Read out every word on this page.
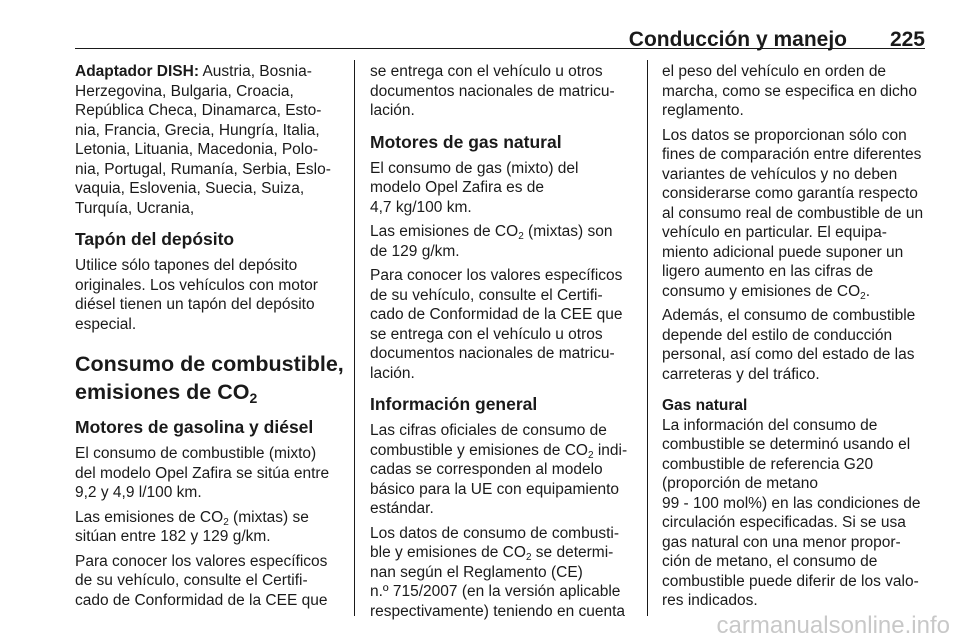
Conducción y manejo 225

Adaptador DISH: Austria, Bosnia-
Herzegovina, Bulgaria, Croacia,
República Checa, Dinamarca, Esto-
nia, Francia, Grecia, Hungría, Italia,
Letonia, Lituania, Macedonia, Polo-
nia, Portugal, Rumanía, Serbia, Eslo-
vaquia, Eslovenia, Suecia, Suiza,
Turquía, Ucrania,

Tapón del depósito

Utilice sólo tapones del depósito
originales. Los vehículos con motor
diésel tienen un tapón del depósito
especial.

Consumo de combustible,
emisiones de $CO_2$
Motores de gasolina y diésel

El consumo de combustible (mixto)
del modelo Opel Zafira se sitúa entre
9,2 y 4,9 l/100 km.

Las emisiones de $CO_2$ (mixtas) se
sitúan entre 182 y 129 g/km.

Para conocer los valores específicos
de su vehículo, consulte el Certifi-
cado de Conformidad de la CEE que

se entrega con el vehículo u otros
documentos nacionales de matricu-
lación.

Motores de gas natural

El consumo de gas (mixto) del
modelo Opel Zafira es de
4,7 kg/100 km.

Las emisiones de $CO_2$ (mixtas) son
de 129 g/km.

Para conocer los valores específicos
de su vehículo, consulte el Certifi-
cado de Conformidad de la CEE que
se entrega con el vehículo u otros
documentos nacionales de matricu-
lación.

Información general

Las cifras oficiales de consumo de
combustible y emisiones de $CO_2$ indi-
cadas se corresponden al modelo
básico para la UE con equipamiento
estándar.

Los datos de consumo de combusti-
ble y emisiones de $CO_2$ se determi-
nan según el Reglamento (CE)
n.º 715/2007 (en la versión aplicable
respectivamente) teniendo en cuenta

el peso del vehículo en orden de
marcha, como se especifica en dicho
reglamento.

Los datos se proporcionan sólo con
fines de comparación entre diferentes
variantes de vehículos y no deben
considerarse como garantía respecto
al consumo real de combustible de un
vehículo en particular. El equipa-
miento adicional puede suponer un
ligero aumento en las cifras de
consumo y emisiones de $CO_2$.

Además, el consumo de combustible
depende del estilo de conducción
personal, así como del estado de las
carreteras y del tráfico.

Gas natural

La información del consumo de
combustible se determinó usando el
combustible de referencia G20
(proporción de metano
99 - 100 mol%) en las condiciones de
circulación especificadas. Si se usa
gas natural con una menor propor-
ción de metano, el consumo de
combustible puede diferir de los valo-
res indicados.

carmanualsonline.info
